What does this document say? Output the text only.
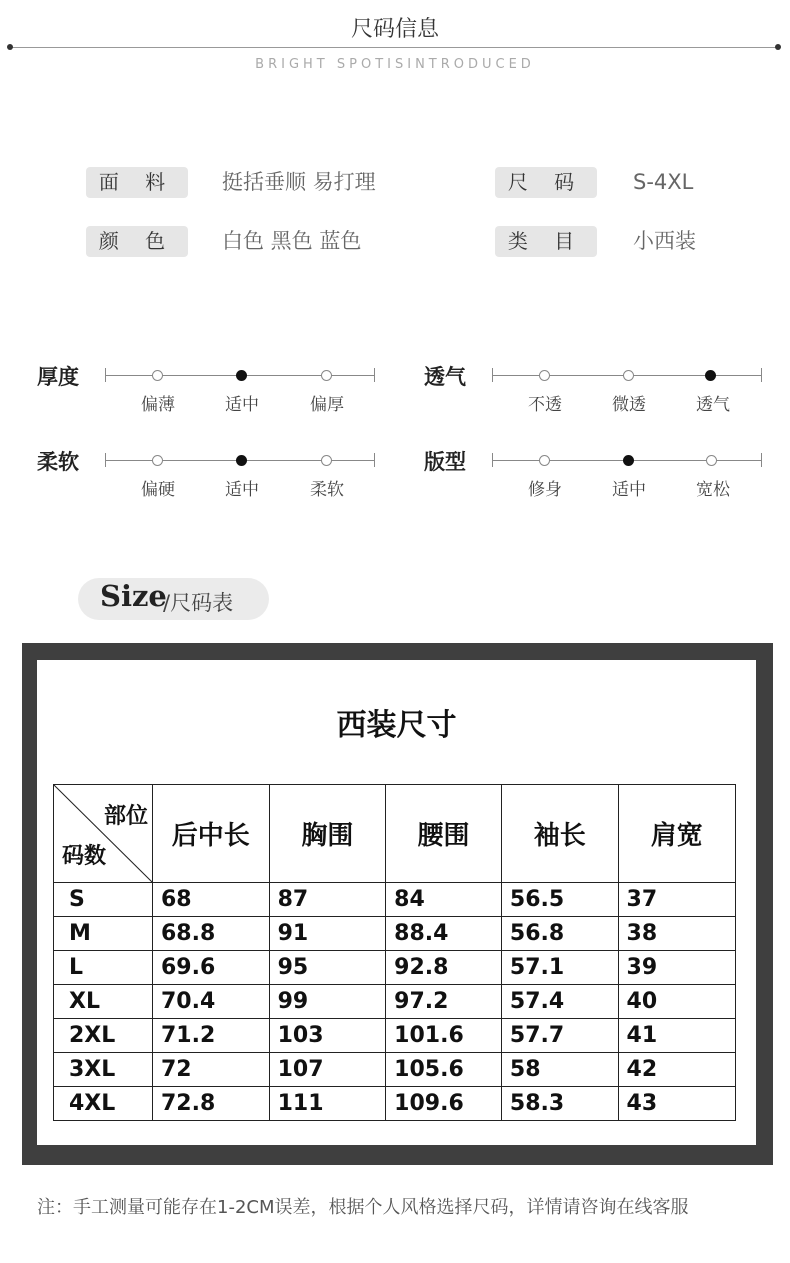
尺码信息
BRIGHT SPOTISINTRODUCED
面 料	挺括垂顺 易打理	尺 码	S-4XL
颜 色	白色 黑色 蓝色	类 目	小西装
厚度
偏薄	适中	偏厚
透气
不透	微透	透气
柔软
偏硬	适中	柔软
版型
修身	适中	宽松
Size
/尺码表
西装尺寸
部位
码数	后中长	胸围	腰围	袖长	肩宽
S	68	87	84	56.5	37
M	68.8	91	88.4	56.8	38
L	69.6	95	92.8	57.1	39
XL	70.4	99	97.2	57.4	40
2XL	71.2	103	101.6	57.7	41
3XL	72	107	105.6	58	42
4XL	72.8	111	109.6	58.3	43
注：手工测量可能存在1-2CM误差，根据个人风格选择尺码，详情请咨询在线客服
